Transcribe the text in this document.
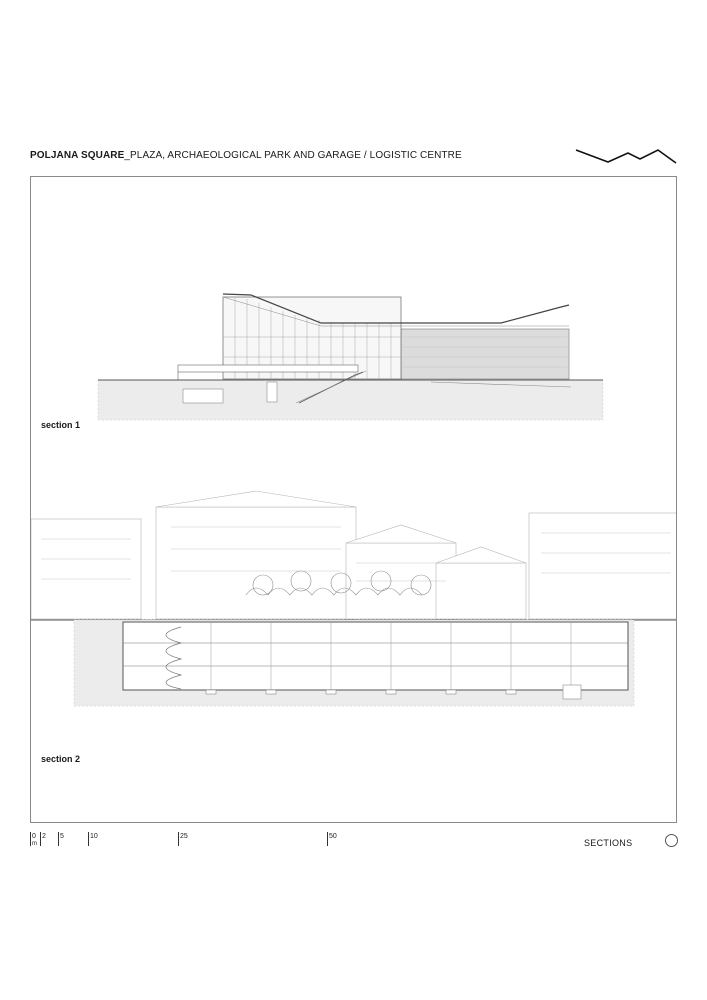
POLJANA SQUARE_PLAZA, ARCHAEOLOGICAL PARK AND GARAGE / LOGISTIC CENTRE
section 1
section 2
0
m
2 5	10	25	50
SECTIONS
